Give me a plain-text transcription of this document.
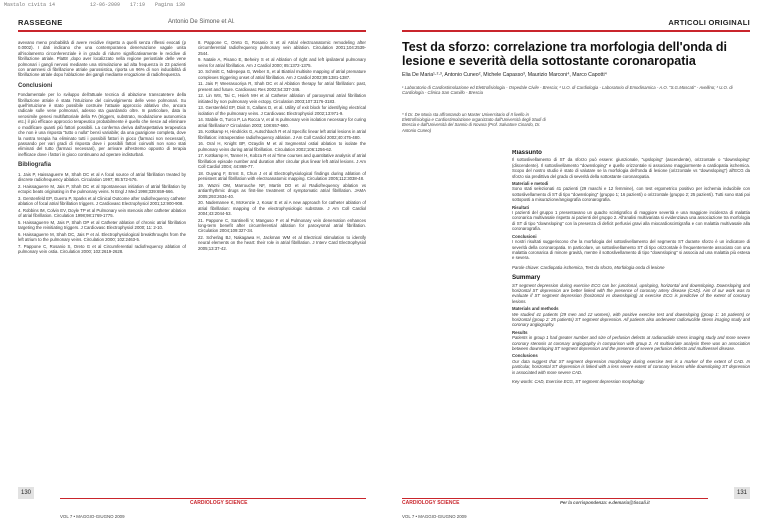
Mastalo civita 14	12-06-2009 17:19 Pagina 130
RASSEGNE	Antonio De Simone et Al.

avevano meno probabilità di avere recidive rispetto a quelli senza riflessi evocati (p 0.0002). I dati indicano che una contemporanea denervazione vagale unita all'isolamento circonferenziale è in grado di ridurre significativamente le recidive di fibrillazione atriale. Platt8 ,dopo aver localizzato nella regione periostiale delle vene polmonari i gangli nervosi mediante una stimolazione ad alta frequenza in 23 pazienti con anamnesi di fibrillazione atriale parossistica, riporta un 96% di non inducibilità di fibrillazione atriale dopo l'ablazione dei gangli mediante erogazione di radiofrequenza.

Conclusioni

Fondamentale per lo sviluppo dell'attuale tecnica di ablazione transcatetere della fibrillazione atriale è stata l'intuizione del coinvolgimento delle vene polmonari. Su quell'intuizione è stato possibile costruire l'attuale approccio ablativo che, ancora radicale sulle vene polmonari, adesso sta guardando oltre. In particolare, data la verosimile genesi multifattoriale della FA (triggers, substrato, modulazione autonomica etc.) il più efficace approccio terapeutico probabilmente è quello che riesce ad eliminare o modificare quanti più fattori possibili. La conferma deriva dall'aspettativa terapeutica che non è una risposta "tutto o nulla" bensì variabile; da una guarigione completa, dove la nostra terapia ha eliminato tutti i possibili fattori in gioco (farmaci non necessari), passando per vari gradi di risposta dove i possibili fattori coinvolti non sono stati eliminati del tutto (farmaci necessari), per arrivare all'estremo opposto di terapia inefficace dove i fattori in gioco continuano ad operare indisturbati.

Bibliografia
1. Jais P, Haissaguerre M, Shah DC et al A focal source of atrial fibrillation treated by discrete radiofrequency ablation. Circulation 1997; 95:572-576.
2. Haissaguerre M, Jais P, Shah DC et al Spontaneous initiation of atrial fibrillation by ectopic beats originating in the pulmonary veins. N Engl J Med 1998;339:659-666.
3. Gerstenfeld EP, Guerra P, Sparks et al Clinical Outcome after radiofrequency catheter ablation of focal atrial fibrillation triggers. J Cardiovasc Electrophysiol 2001;12:900-908.
4. Robbins IM, Colvin EV, Doyle TP et al Pulmonary vein stenosis after catheter ablation of atrial fibrillation. Circulation 1998;98:1769-1775.
5. Haissaguerre M, Jais P, Shah DP et al Catheter ablation of chronic atrial fibrillation targeting the reinitiating triggers. J Cardiovasc Electrophysiol 2000; 11: 2-10.
6. Haissaguerre M, Shah DC, Jais P et al. Electrophysiological breakthroughs from the left atrium to the pulmonary veins. Circulation 2000; 102:2463-5.
7. Pappone C, Rosanio S, Oreto G et al Circumferential radiofrequency ablation of pulmonary vein ostia. Circulation 2000; 102:2619-2628.
8. Pappone C, Oreto G, Rosanio S et al Atrial electroanatomic remodeling after circumferential radiofrequency pulmonary vein ablation. Circulation 2001;104:2539-2544.
9. Natale A, Pisano E, Beheiry S et al Ablation of right and left ipsilateral pulmonary veins for atrial fibrillation. Am J Cardiol 2000; 85:1372-1375.
10. Schmitt C, Ndrepepa G, Weber S, et al Biatrial multisite mapping of atrial premature complexes triggering onset of atrial fibrillation. Am J Cardiol 2002;89:1381-1387.
11. Jais P, Weerasooriya R, Shah DC et al Ablation therapy for atrial fibrillation: past, present and future. Cardiovasc Res 2002;54:337-346.
12. Lin WS, Tai C, Hsieh MH et al Catheter ablation of paroxysmal atrial fibrillation initiated by non pulmonary vein ectopy. Circulation 2003;107:3176-3183.
13. Gerstenfeld EP, Dixit S, Callans D, et al. Utility of exit block for identifying electrical isolation of the pulmonary veins. J Cardiovasc Electrophysiol 2002;13:971-9.
14. Stabile G, Turco P, La Rocca V, et al Is pulmonary vein isolation necessary for curing atrial fibrillation? Circulation 2003; 108:657-660.
15. Kottkamp H, Hindricks G, Autschbach R et al Specific linear left atrial lesions in atrial fibrillation: intraoperative radiofrequency ablation. J Am Coll Cardiol 2002;40:475-480.
16. Oral H, Knight BP, Ozaydin M et al Segmental ostial ablation to isolate the pulmonary veins during atrial fibrillation. Circulation 2002;106:1256-62.
17. Kottkamp H, Tanner H, Kobza R et al Time courses and quantitative analysis of atrial fibrillation episode number and duration after circular plus linear left atrial lesions. J Am Coll Cardiol 2004; 44:869-77.
18. Ouyang F, Ernst S, Chun J et al Electrophysiological findings during ablation of persistent atrial fibrillation with electroanatomic mapping. Circulation 2005;112:3038-48.
19. Wazni OM, Marrouche NF, Martin DO et al Radiofrequency ablation vs antiarrhythmic drugs as first-line treatment of symptomatic atrial fibrillation. JAMA 2005;293:2634-40.
20. Nademanee K, McKenzie J, Kosar E et al A new approach for catheter ablation of atrial fibrillation: mapping of the electrophysiologic substrate. J Am Coll Cardiol 2004;43:2044-53.
21. Pappone C, Santinelli V, Manguso F et al Pulmonary vein denervation enhances long-term benefit after circumferential ablation for paroxysmal atrial fibrillation. Circulation 2004;109:327-34.
22. Scherlag BJ, Nakagawa H, Jackman WM et al Electrical stimulation to identify neural elements on the heart: their role in atrial fibrillation. J Interv Card Electrophysiol 2005;13:37-42.
130
CARDIOLOGY SCIENCE
VOL 7 • MAGGIO-GIUGNO 2009
ARTICOLI ORIGINALI
Test da sforzo: correlazione tra morfologia dell'onda di lesione e severità della sottostante coronaropatia
Elia De Maria¹·²·³, Antonio Cuneo², Michele Capasso³, Maurizio Marconi⁴, Marco Capotti⁴
¹ Laboratorio di Cardiostimolazione ed Elettrofisiologia - Ospedale Civile - Brescia; ² U.O. di Cardiologia - Laboratorio di Emodinamica - A.O. "S.G.Moscati" - Avellino; ³ U.O. di Cardiologia - Clinica San Camillo - Brescia
* Il Dr. De Maria sta affrontando un Master Universitario di II livello in Elettrofisiologia e Cardiostimolazione organizzato dall'Università degli Studi di Brescia e dall'Università del Sannio di Novara (Prof. Salvatore Cinardo, Dr. Antonio Cuneo)
Riassunto

Il sottoslivellamento di ST da sforzo può essere: giunzionale, "upsloping" (ascendente), orizzontale o "downsloping" (discendente). Il sottoslivellamento "downsloping" e quello orizzontale si associano maggiormente a cardiopatia ischemica. Scopo del nostro studio è stato di valutare se la morfologia dell'onda di lesione (orizzontale vs "downsloping") all'ECG da sforzo sia predittiva del grado di severità della sottostante coronaropatia.

Materiali e metodi

Sono stati selezionati 41 pazienti (29 maschi e 12 femmine), con test ergometrico positivo per ischemia inducibile con sottoslivellamento di ST di tipo "downsloping" (gruppo 1; 16 pazienti) o orizzontale (gruppo 2; 25 pazienti). Tutti sono stati poi sottoposti a misurazione/angiografia coronarografia.

Risultati

I pazienti del gruppo 1 presentavano un quadro scintigrafico di maggiore severità e una maggiore incidenza di malattia coronarica multivasale rispetto ai pazienti del gruppo 2. All'analisi multivariata si evidenziava una associazione tra morfologia di ST di tipo "downsloping" con la presenza di deficit perfusivi gravi alla miocardioscintigrafia e con malattia multivasale alla coronarografia.

Conclusioni

I nostri risultati suggeriscono che la morfologia del sottoslivellamento del segmento ST durante sforzo è un indicatore di severità della coronaropatia. In particolare, un sottoslivellamento ST di tipo orizzontale è frequentemente associato con una malattia coronarica di minore gravità, mentre il sottoslivellamento di tipo "downsloping" si associa ad una malattia più estesa e severa.

Parole chiave: Cardiopatia ischemica, Test da sforzo, Morfologia onda di lesione

Summary

ST segment depression during exercise ECG can be: junctional, upsloping, horizontal and downsloping. Downsloping and horizontal ST depression are better linked with the presence of coronary artery disease (CAD). Aim of our work was to evaluate if ST segment depression (horizontal vs downsloping) at exercise ECG is predictive of the extent of coronary lesions.

Materials and methods

We studied 41 patients (29 men and 12 women), with positive exercise test and downsloping (group 1: 16 patients) or horizontal (group 2: 25 patients) ST segment depression. All patients also underwent radionuclide stress imaging study and coronary angiography.

Results

Patients in group 1 had greater number and size of perfusion defects at radionuclide stress imaging study and more severe coronary stenosis at coronary angiography in comparison with group 2. At multivariate analysis there was an association between downsloping ST segment depression and the presence of severe perfusion defects and multivessel disease.

Conclusions

Our data suggest that ST segment depression morphology during exercise test is a marker of the extent of CAD. In particular, horizontal ST depression is linked with a less severe extent of coronary lesions while downsloping ST depression is associated with more severe CAD.

Key words: CAD, Exercise ECG, ST segment depression morphology

CARDIOLOGY SCIENCE	Per la corrispondenza: e.demaria@tiscali.it
131
VOL 7 • MAGGIO-GIUGNO 2009
